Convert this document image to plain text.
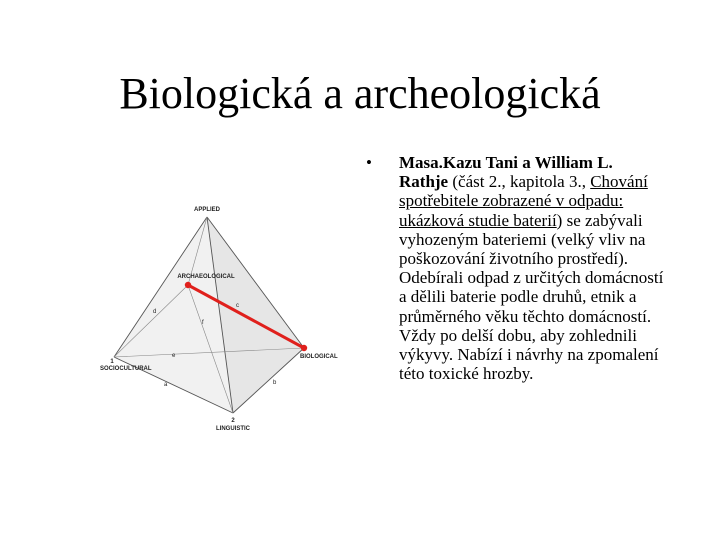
Biologická a archeologická
APPLIED
ARCHAEOLOGICAL
SOCIOCULTURAL
1
BIOLOGICAL
2
LINGUISTIC
a	b
c
d
e
f
• Masa.Kazu Tani a William L. Rathje (část 2., kapitola 3., Chování spotřebitele zobrazené v odpadu: ukázková studie baterií) se zabývali vyhozeným bateriemi (velký vliv na poškozování životního prostředí). Odebírali odpad z určitých domácností a dělili baterie podle druhů, etnik a průměrného věku těchto domácností. Vždy po delší dobu, aby zohlednili výkyvy. Nabízí i návrhy na zpomalení této toxické hrozby.
